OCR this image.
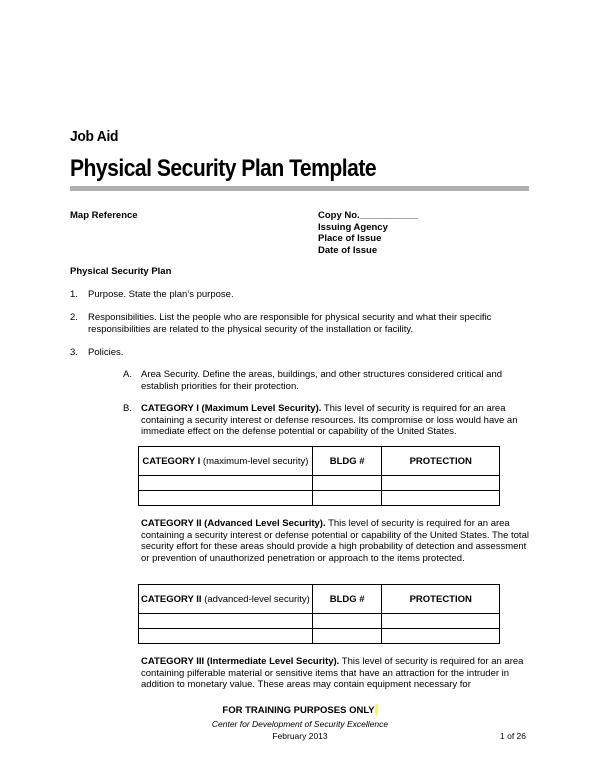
Job Aid
Physical Security Plan Template
Map Reference	Copy No.___________
Issuing Agency
Place of Issue
Date of Issue
Physical Security Plan
1. Purpose. State the plan’s purpose.
2. Responsibilities. List the people who are responsible for physical security and what their specific responsibilities are related to the physical security of the installation or facility.
3. Policies.
A. Area Security. Define the areas, buildings, and other structures considered critical and establish priorities for their protection.
B. CATEGORY I (Maximum Level Security). This level of security is required for an area containing a security interest or defense resources. Its compromise or loss would have an immediate effect on the defense potential or capability of the United States.
CATEGORY I (maximum-level security)	BLDG #	PROTECTION

CATEGORY II (Advanced Level Security). This level of security is required for an area containing a security interest or defense potential or capability of the United States. The total security effort for these areas should provide a high probability of detection and assessment or prevention of unauthorized penetration or approach to the items protected.
CATEGORY II (advanced-level security)	BLDG #	PROTECTION

CATEGORY III (Intermediate Level Security). This level of security is required for an area containing pilferable material or sensitive items that have an attraction for the intruder in addition to monetary value. These areas may contain equipment necessary for
FOR TRAINING PURPOSES ONLY
Center for Development of Security Excellence
February 2013	1 of 26
